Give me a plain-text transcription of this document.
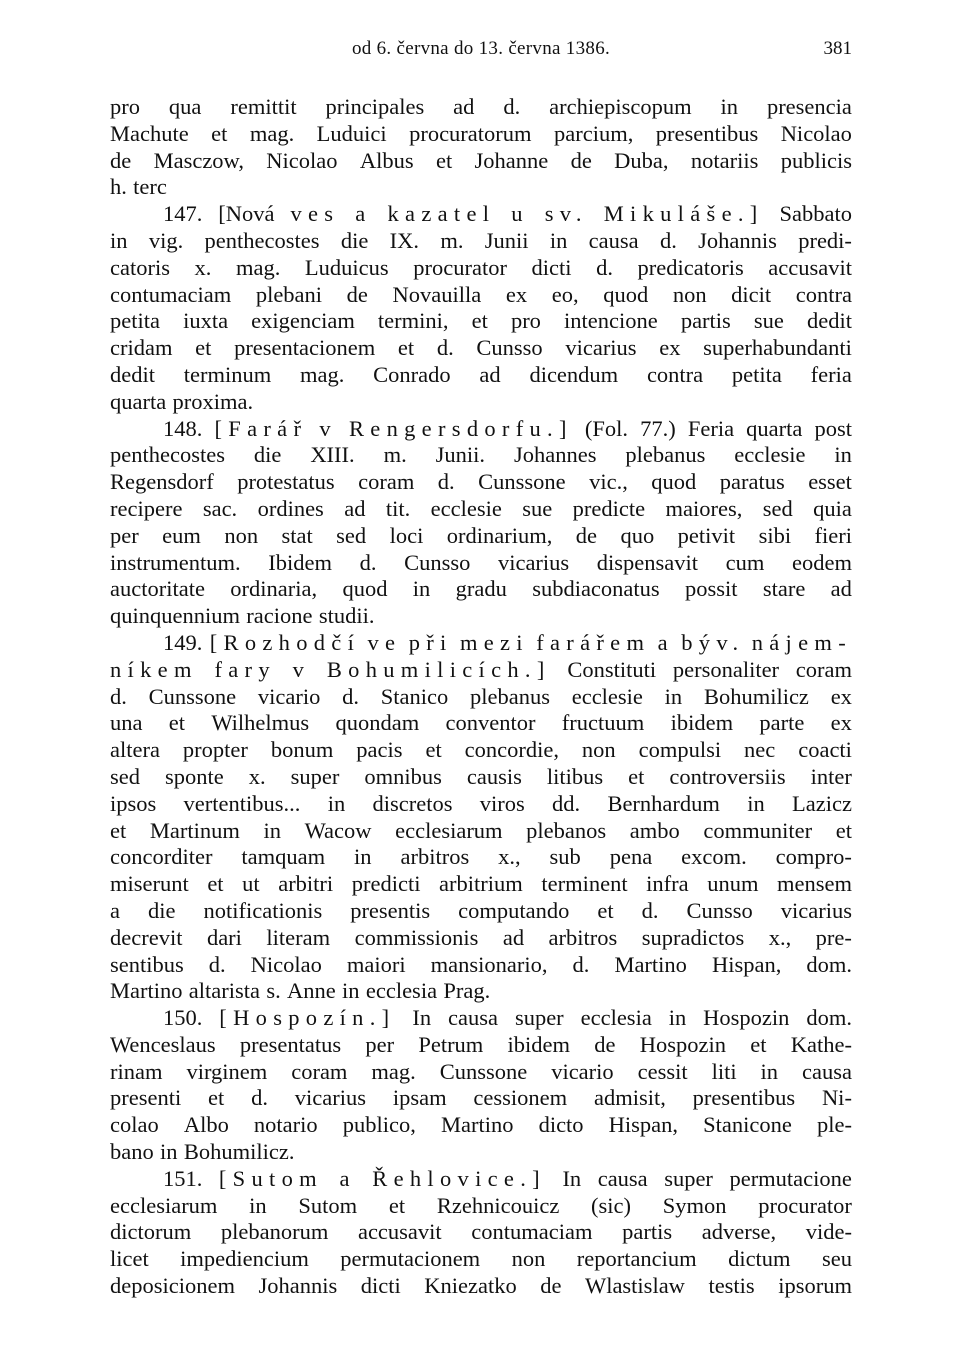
od 6. června do 13. června 1386.	381
pro qua remittit principales ad d. archiepiscopum in presencia
Machute et mag. Luduici procuratorum parcium, presentibus Nicolao
de Masczow, Nicolao Albus et Johanne de Duba, notariis publicis
h. terc
147. [Nová ves a kazatel u sv. Mikuláše.] Sabbato
in vig. penthecostes die IX. m. Junii in causa d. Johannis predi-
catoris x. mag. Luduicus procurator dicti d. predicatoris accusavit
contumaciam plebani de Novauilla ex eo, quod non dicit contra
petita iuxta exigenciam termini, et pro intencione partis sue dedit
cridam et presentacionem et d. Cunsso vicarius ex superhabundanti
dedit terminum mag. Conrado ad dicendum contra petita feria
quarta proxima.
148. [Farář v Rengersdorfu.] (Fol. 77.) Feria quarta post
penthecostes die XIII. m. Junii. Johannes plebanus ecclesie in
Regensdorf protestatus coram d. Cunssone vic., quod paratus esset
recipere sac. ordines ad tit. ecclesie sue predicte maiores, sed quia
per eum non stat sed loci ordinarium, de quo petivit sibi fieri
instrumentum. Ibidem d. Cunsso vicarius dispensavit cum eodem
auctoritate ordinaria, quod in gradu subdiaconatus possit stare ad
quinquennium racione studii.
149. [Rozhodčí ve při mezi farářem a býv. nájem-
níkem fary v Bohumilicích.] Constituti personaliter coram
d. Cunssone vicario d. Stanico plebanus ecclesie in Bohumilicz ex
una et Wilhelmus quondam conventor fructuum ibidem parte ex
altera propter bonum pacis et concordie, non compulsi nec coacti
sed sponte x. super omnibus causis litibus et controversiis inter
ipsos vertentibus... in discretos viros dd. Bernhardum in Lazicz
et Martinum in Wacow ecclesiarum plebanos ambo communiter et
concorditer tamquam in arbitros x., sub pena excom. compro-
miserunt et ut arbitri predicti arbitrium terminent infra unum mensem
a die notificationis presentis computando et d. Cunsso vicarius
decrevit dari literam commissionis ad arbitros supradictos x., pre-
sentibus d. Nicolao maiori mansionario, d. Martino Hispan, dom.
Martino altarista s. Anne in ecclesia Prag.
150. [Hospozín.] In causa super ecclesia in Hospozin dom.
Wenceslaus presentatus per Petrum ibidem de Hospozin et Kathe-
rinam virginem coram mag. Cunssone vicario cessit liti in causa
presenti et d. vicarius ipsam cessionem admisit, presentibus Ni-
colao Albo notario publico, Martino dicto Hispan, Stanicone ple-
bano in Bohumilicz.
151. [Sutom a Řehlovice.] In causa super permutacione
ecclesiarum in Sutom et Rzehnicouicz (sic) Symon procurator
dictorum plebanorum accusavit contumaciam partis adverse, vide-
licet impediencium permutacionem non reportancium dictum seu
deposicionem Johannis dicti Kniezatko de Wlastislaw testis ipsorum
